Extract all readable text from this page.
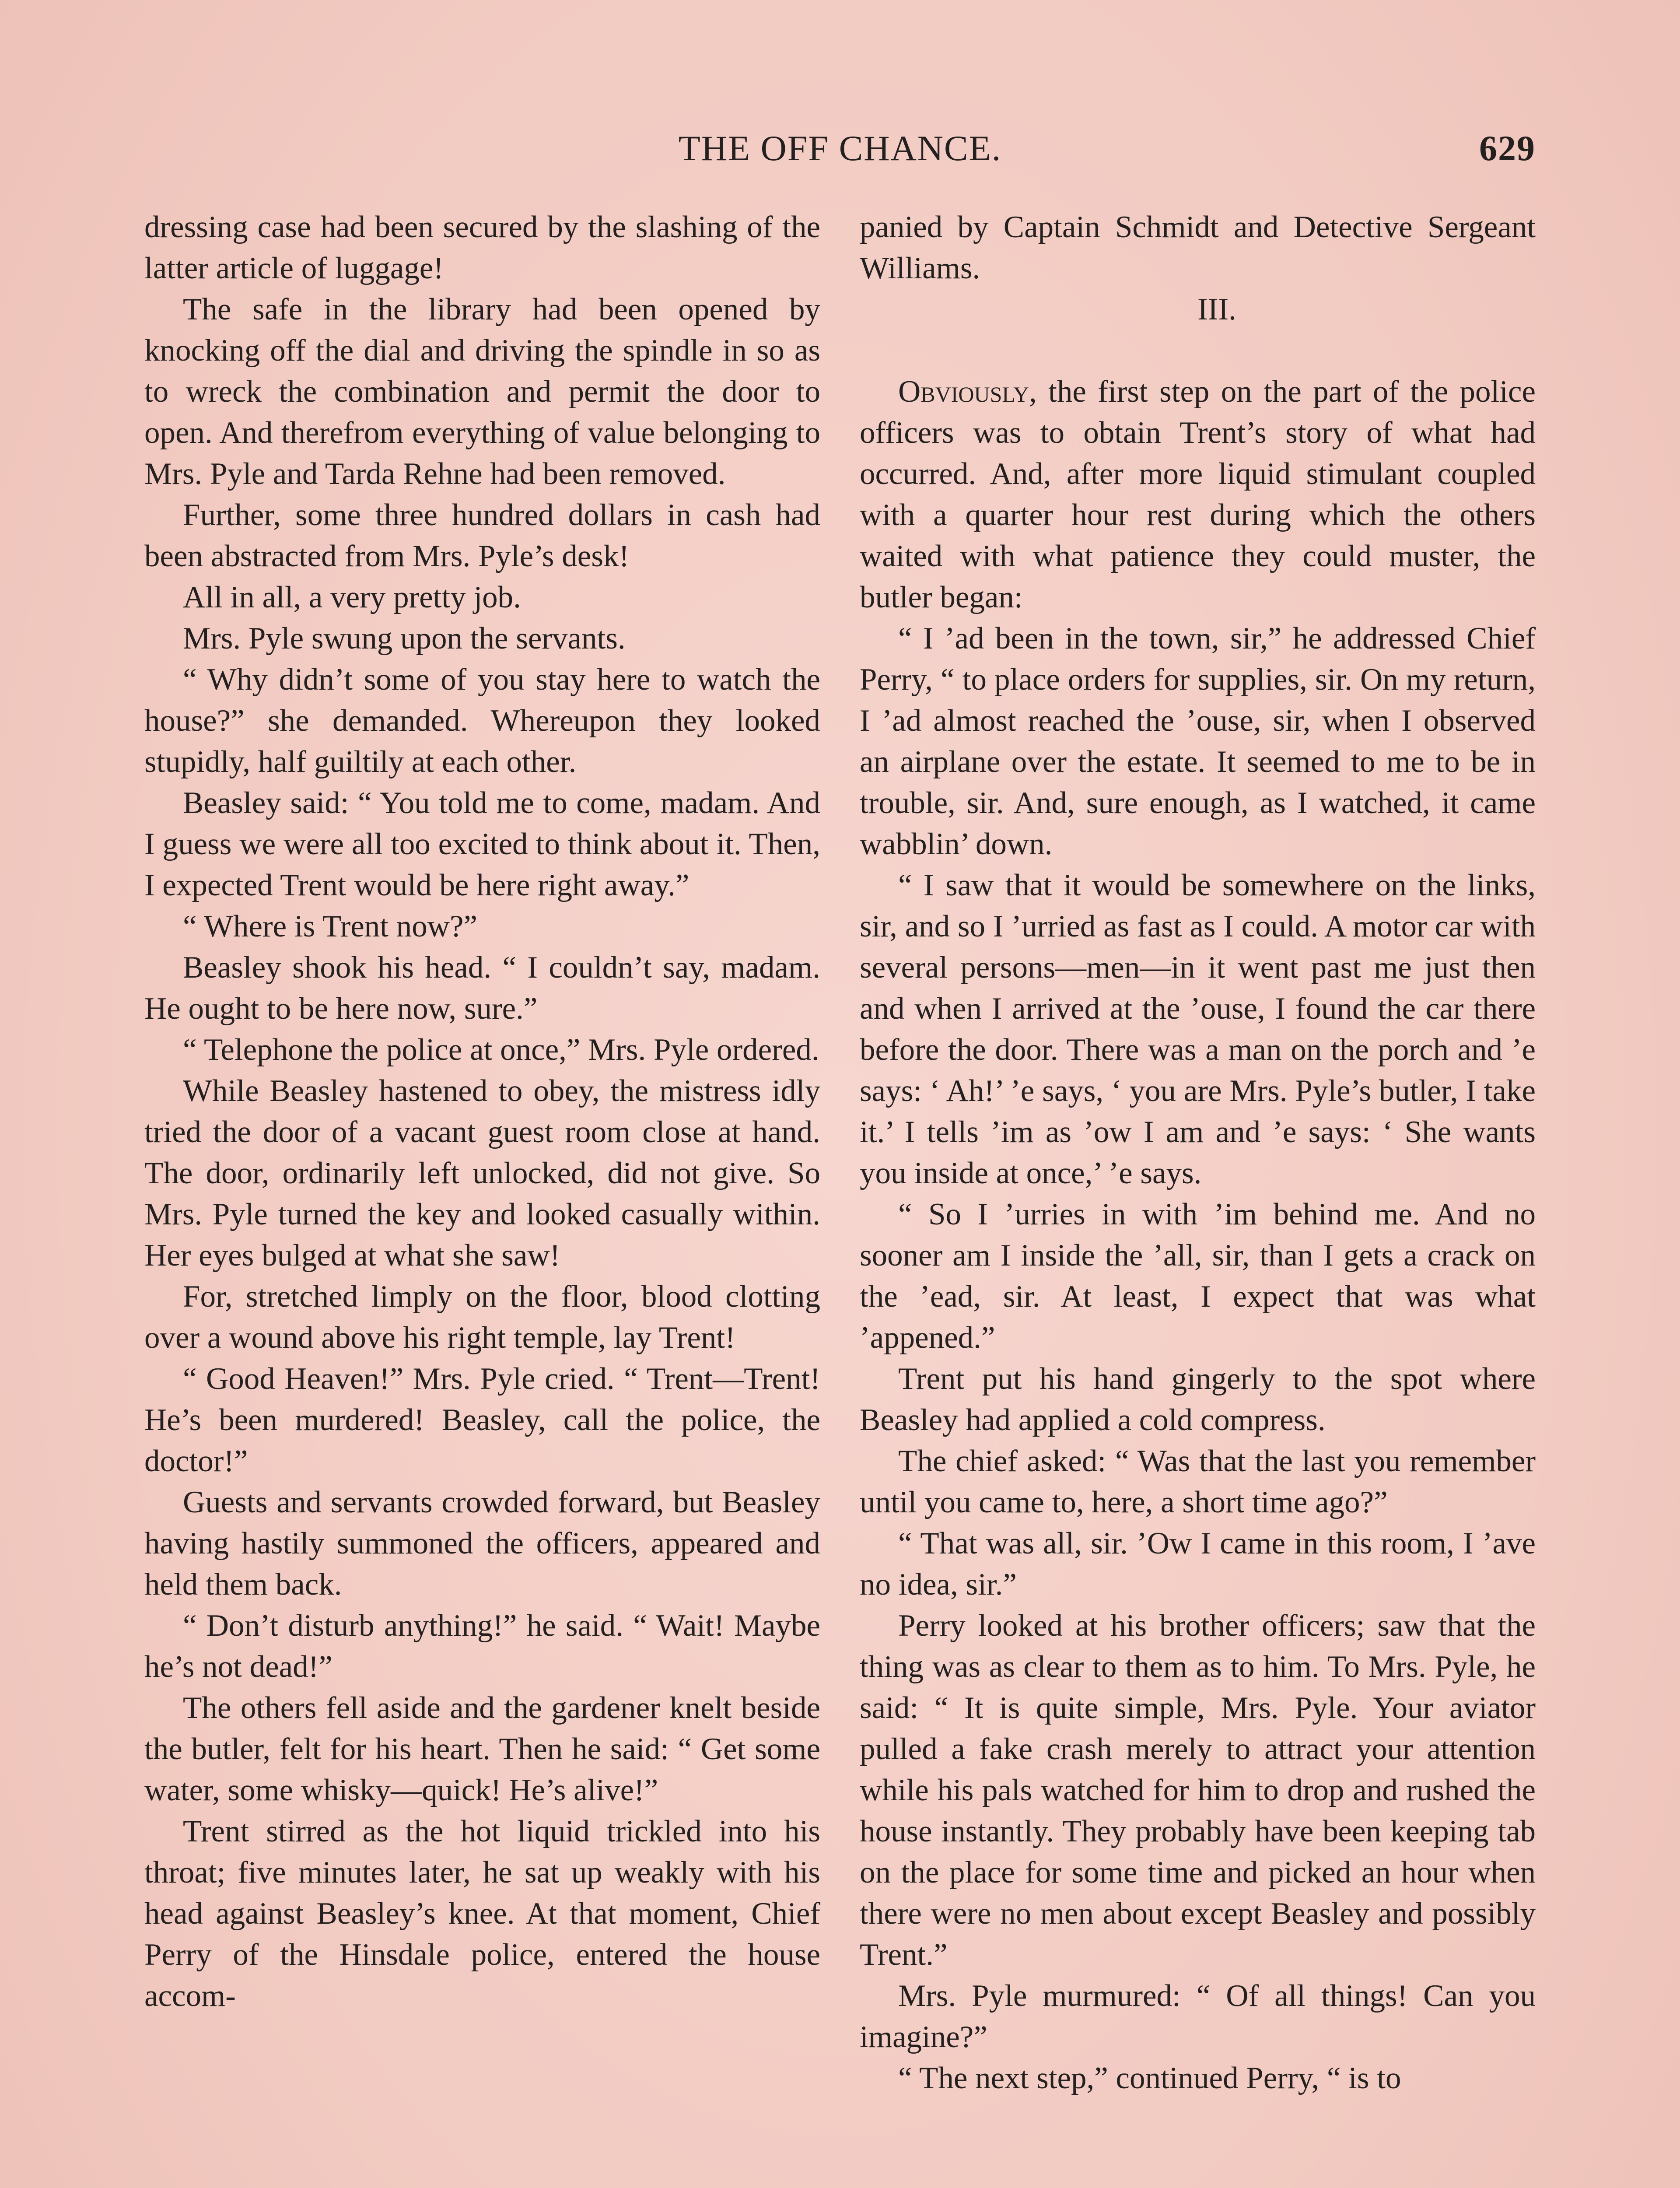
THE OFF CHANCE.	629

dressing case had been secured by the slashing of the latter article of luggage!

The safe in the library had been opened by knocking off the dial and driving the spindle in so as to wreck the combination and permit the door to open. And therefrom everything of value belonging to Mrs. Pyle and Tarda Rehne had been removed.

Further, some three hundred dollars in cash had been abstracted from Mrs. Pyle’s desk!

All in all, a very pretty job.

Mrs. Pyle swung upon the servants.

“ Why didn’t some of you stay here to watch the house?” she demanded. Whereupon they looked stupidly, half guiltily at each other.

Beasley said: “ You told me to come, madam. And I guess we were all too excited to think about it. Then, I expected Trent would be here right away.”

“ Where is Trent now?”

Beasley shook his head. “ I couldn’t say, madam. He ought to be here now, sure.”

“ Telephone the police at once,” Mrs. Pyle ordered.

While Beasley hastened to obey, the mistress idly tried the door of a vacant guest room close at hand. The door, ordinarily left unlocked, did not give. So Mrs. Pyle turned the key and looked casually within. Her eyes bulged at what she saw!

For, stretched limply on the floor, blood clotting over a wound above his right temple, lay Trent!

“ Good Heaven!” Mrs. Pyle cried. “ Trent—Trent! He’s been murdered! Beasley, call the police, the doctor!”

Guests and servants crowded forward, but Beasley having hastily summoned the officers, appeared and held them back.

“ Don’t disturb anything!” he said. “ Wait! Maybe he’s not dead!”

The others fell aside and the gardener knelt beside the butler, felt for his heart. Then he said: “ Get some water, some whisky—quick! He’s alive!”

Trent stirred as the hot liquid trickled into his throat; five minutes later, he sat up weakly with his head against Beasley’s knee. At that moment, Chief Perry of the Hinsdale police, entered the house accom-

panied by Captain Schmidt and Detective Sergeant Williams.

III.

Obviously, the first step on the part of the police officers was to obtain Trent’s story of what had occurred. And, after more liquid stimulant coupled with a quarter hour rest during which the others waited with what patience they could muster, the butler began:

“ I ’ad been in the town, sir,” he addressed Chief Perry, “ to place orders for supplies, sir. On my return, I ’ad almost reached the ’ouse, sir, when I observed an airplane over the estate. It seemed to me to be in trouble, sir. And, sure enough, as I watched, it came wabblin’ down.

“ I saw that it would be somewhere on the links, sir, and so I ’urried as fast as I could. A motor car with several persons—men—in it went past me just then and when I arrived at the ’ouse, I found the car there before the door. There was a man on the porch and ’e says: ‘ Ah!’ ’e says, ‘ you are Mrs. Pyle’s butler, I take it.’ I tells ’im as ’ow I am and ’e says: ‘ She wants you inside at once,’ ’e says.

“ So I ’urries in with ’im behind me. And no sooner am I inside the ’all, sir, than I gets a crack on the ’ead, sir. At least, I expect that was what ’appened.”

Trent put his hand gingerly to the spot where Beasley had applied a cold compress.

The chief asked: “ Was that the last you remember until you came to, here, a short time ago?”

“ That was all, sir. ’Ow I came in this room, I ’ave no idea, sir.”

Perry looked at his brother officers; saw that the thing was as clear to them as to him. To Mrs. Pyle, he said: “ It is quite simple, Mrs. Pyle. Your aviator pulled a fake crash merely to attract your attention while his pals watched for him to drop and rushed the house instantly. They probably have been keeping tab on the place for some time and picked an hour when there were no men about except Beasley and possibly Trent.”

Mrs. Pyle murmured: “ Of all things! Can you imagine?”

“ The next step,” continued Perry, “ is to
